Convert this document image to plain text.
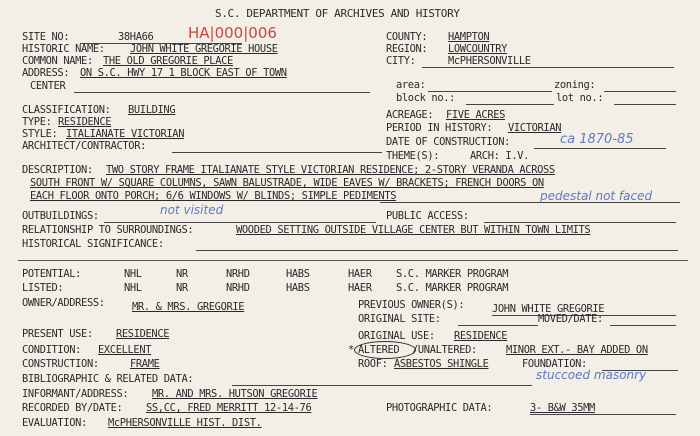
S.C. DEPARTMENT OF ARCHIVES AND HISTORY
SITE NO:	38HA66 HA|000|006
HISTORIC NAME: JOHN WHITE GREGORIE HOUSE
COMMON NAME: THE OLD GREGORIE PLACE
ADDRESS: ON S.C. HWY 17 1 BLOCK EAST OF TOWN
CENTER
CLASSIFICATION: BUILDING
TYPE: RESIDENCE
STYLE: ITALIANATE VICTORIAN
ARCHITECT/CONTRACTOR:
COUNTY: HAMPTON
REGION: LOWCOUNTRY
CITY:	McPHERSONVILLE
area:	zoning:
block no.:	lot no.:
ACREAGE: FIVE ACRES
PERIOD IN HISTORY: VICTORIAN
DATE OF CONSTRUCTION:	ca 1870-85
THEME(S):	ARCH: I.V.
DESCRIPTION: TWO STORY FRAME ITALIANATE STYLE VICTORIAN RESIDENCE; 2-STORY VERANDA ACROSS
SOUTH FRONT W/ SQUARE COLUMNS, SAWN BALUSTRADE, WIDE EAVES W/ BRACKETS; FRENCH DOORS ON
EACH FLOOR ONTO PORCH; 6/6 WINDOWS W/ BLINDS; SIMPLE PEDIMENTS
OUTBUILDINGS:	not visited	PUBLIC ACCESS:
pedestal not faced
RELATIONSHIP TO SURROUNDINGS:	WOODED SETTING OUTSIDE VILLAGE CENTER BUT WITHIN TOWN LIMITS
HISTORICAL SIGNIFICANCE:
POTENTIAL:	NHL	NR	NRHD	HABS	HAER S.C. MARKER PROGRAM
LISTED:	NHL	NR	NRHD	HABS	HAER S.C. MARKER PROGRAM
OWNER/ADDRESS:	MR. & MRS. GREGORIE	PREVIOUS OWNER(S):	JOHN WHITE GREGORIE
ORIGINAL SITE:	MOVED/DATE:
PRESENT USE: RESIDENCE	ORIGINAL USE: RESIDENCE
CONDITION: EXCELLENT	* ALTERED /UNALTERED:	MINOR EXT.- BAY ADDED ON
CONSTRUCTION:	FRAME	ROOF: ASBESTOS SHINGLE	FOUNDATION:
stuccoed masonry
BIBLIOGRAPHIC & RELATED DATA:
INFORMANT/ADDRESS: MR. AND MRS. HUTSON GREGORIE
RECORDED BY/DATE: SS,CC, FRED MERRITT 12-14-76	PHOTOGRAPHIC DATA:	3- B&W 35MM
EVALUATION: McPHERSONVILLE HIST. DIST.
